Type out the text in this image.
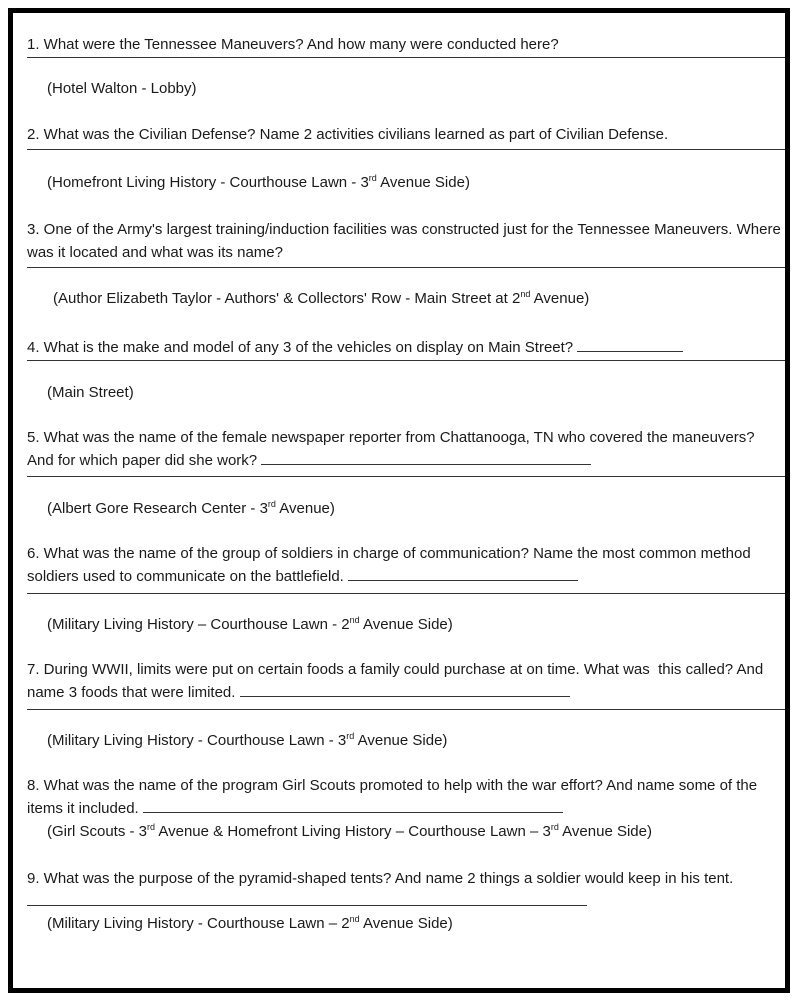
1. What were the Tennessee Maneuvers? And how many were conducted here?
(Hotel Walton - Lobby)
2. What was the Civilian Defense? Name 2 activities civilians learned as part of Civilian Defense.
(Homefront Living History - Courthouse Lawn - 3rd Avenue Side)
3. One of the Army's largest training/induction facilities was constructed just for the Tennessee Maneuvers. Where was it located and what was its name?
(Author Elizabeth Taylor - Authors' & Collectors' Row - Main Street at 2nd Avenue)
4. What is the make and model of any 3 of the vehicles on display on Main Street?
(Main Street)
5. What was the name of the female newspaper reporter from Chattanooga, TN who covered the maneuvers? And for which paper did she work?
(Albert Gore Research Center - 3rd Avenue)
6. What was the name of the group of soldiers in charge of communication? Name the most common method soldiers used to communicate on the battlefield.
(Military Living History – Courthouse Lawn - 2nd Avenue Side)
7. During WWII, limits were put on certain foods a family could purchase at on time. What was  this called? And name 3 foods that were limited.
(Military Living History - Courthouse Lawn - 3rd Avenue Side)
8. What was the name of the program Girl Scouts promoted to help with the war effort? And name some of the items it included.
(Girl Scouts - 3rd Avenue & Homefront Living History – Courthouse Lawn – 3rd Avenue Side)
9. What was the purpose of the pyramid-shaped tents? And name 2 things a soldier would keep in his tent.
(Military Living History - Courthouse Lawn – 2nd Avenue Side)
